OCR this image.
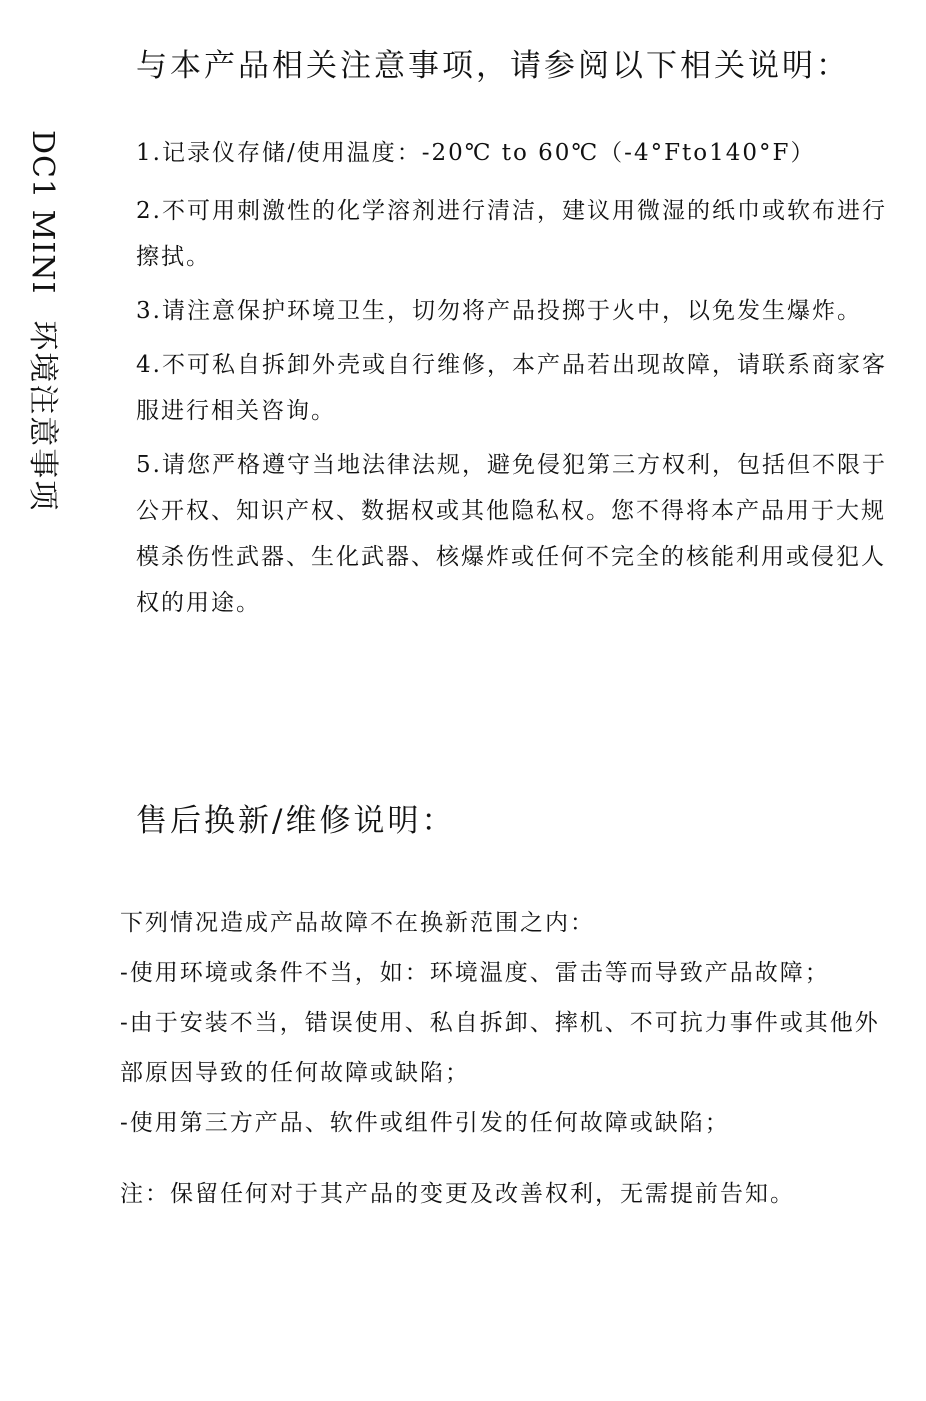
DC1 MINI环境注意事项
与本产品相关注意事项，请参阅以下相关说明：
1.记录仪存储/使用温度：-20℃ to 60℃（-4°Fto140°F）
2.不可用刺激性的化学溶剂进行清洁，建议用微湿的纸巾或软布进行擦拭。
3.请注意保护环境卫生，切勿将产品投掷于火中，以免发生爆炸。
4.不可私自拆卸外壳或自行维修，本产品若出现故障，请联系商家客服进行相关咨询。
5.请您严格遵守当地法律法规，避免侵犯第三方权利，包括但不限于公开权、知识产权、数据权或其他隐私权。您不得将本产品用于大规模杀伤性武器、生化武器、核爆炸或任何不完全的核能利用或侵犯人权的用途。
售后换新/维修说明：
下列情况造成产品故障不在换新范围之内：
-使用环境或条件不当，如：环境温度、雷击等而导致产品故障；
-由于安装不当，错误使用、私自拆卸、摔机、不可抗力事件或其他外部原因导致的任何故障或缺陷；
-使用第三方产品、软件或组件引发的任何故障或缺陷；
注：保留任何对于其产品的变更及改善权利，无需提前告知。
